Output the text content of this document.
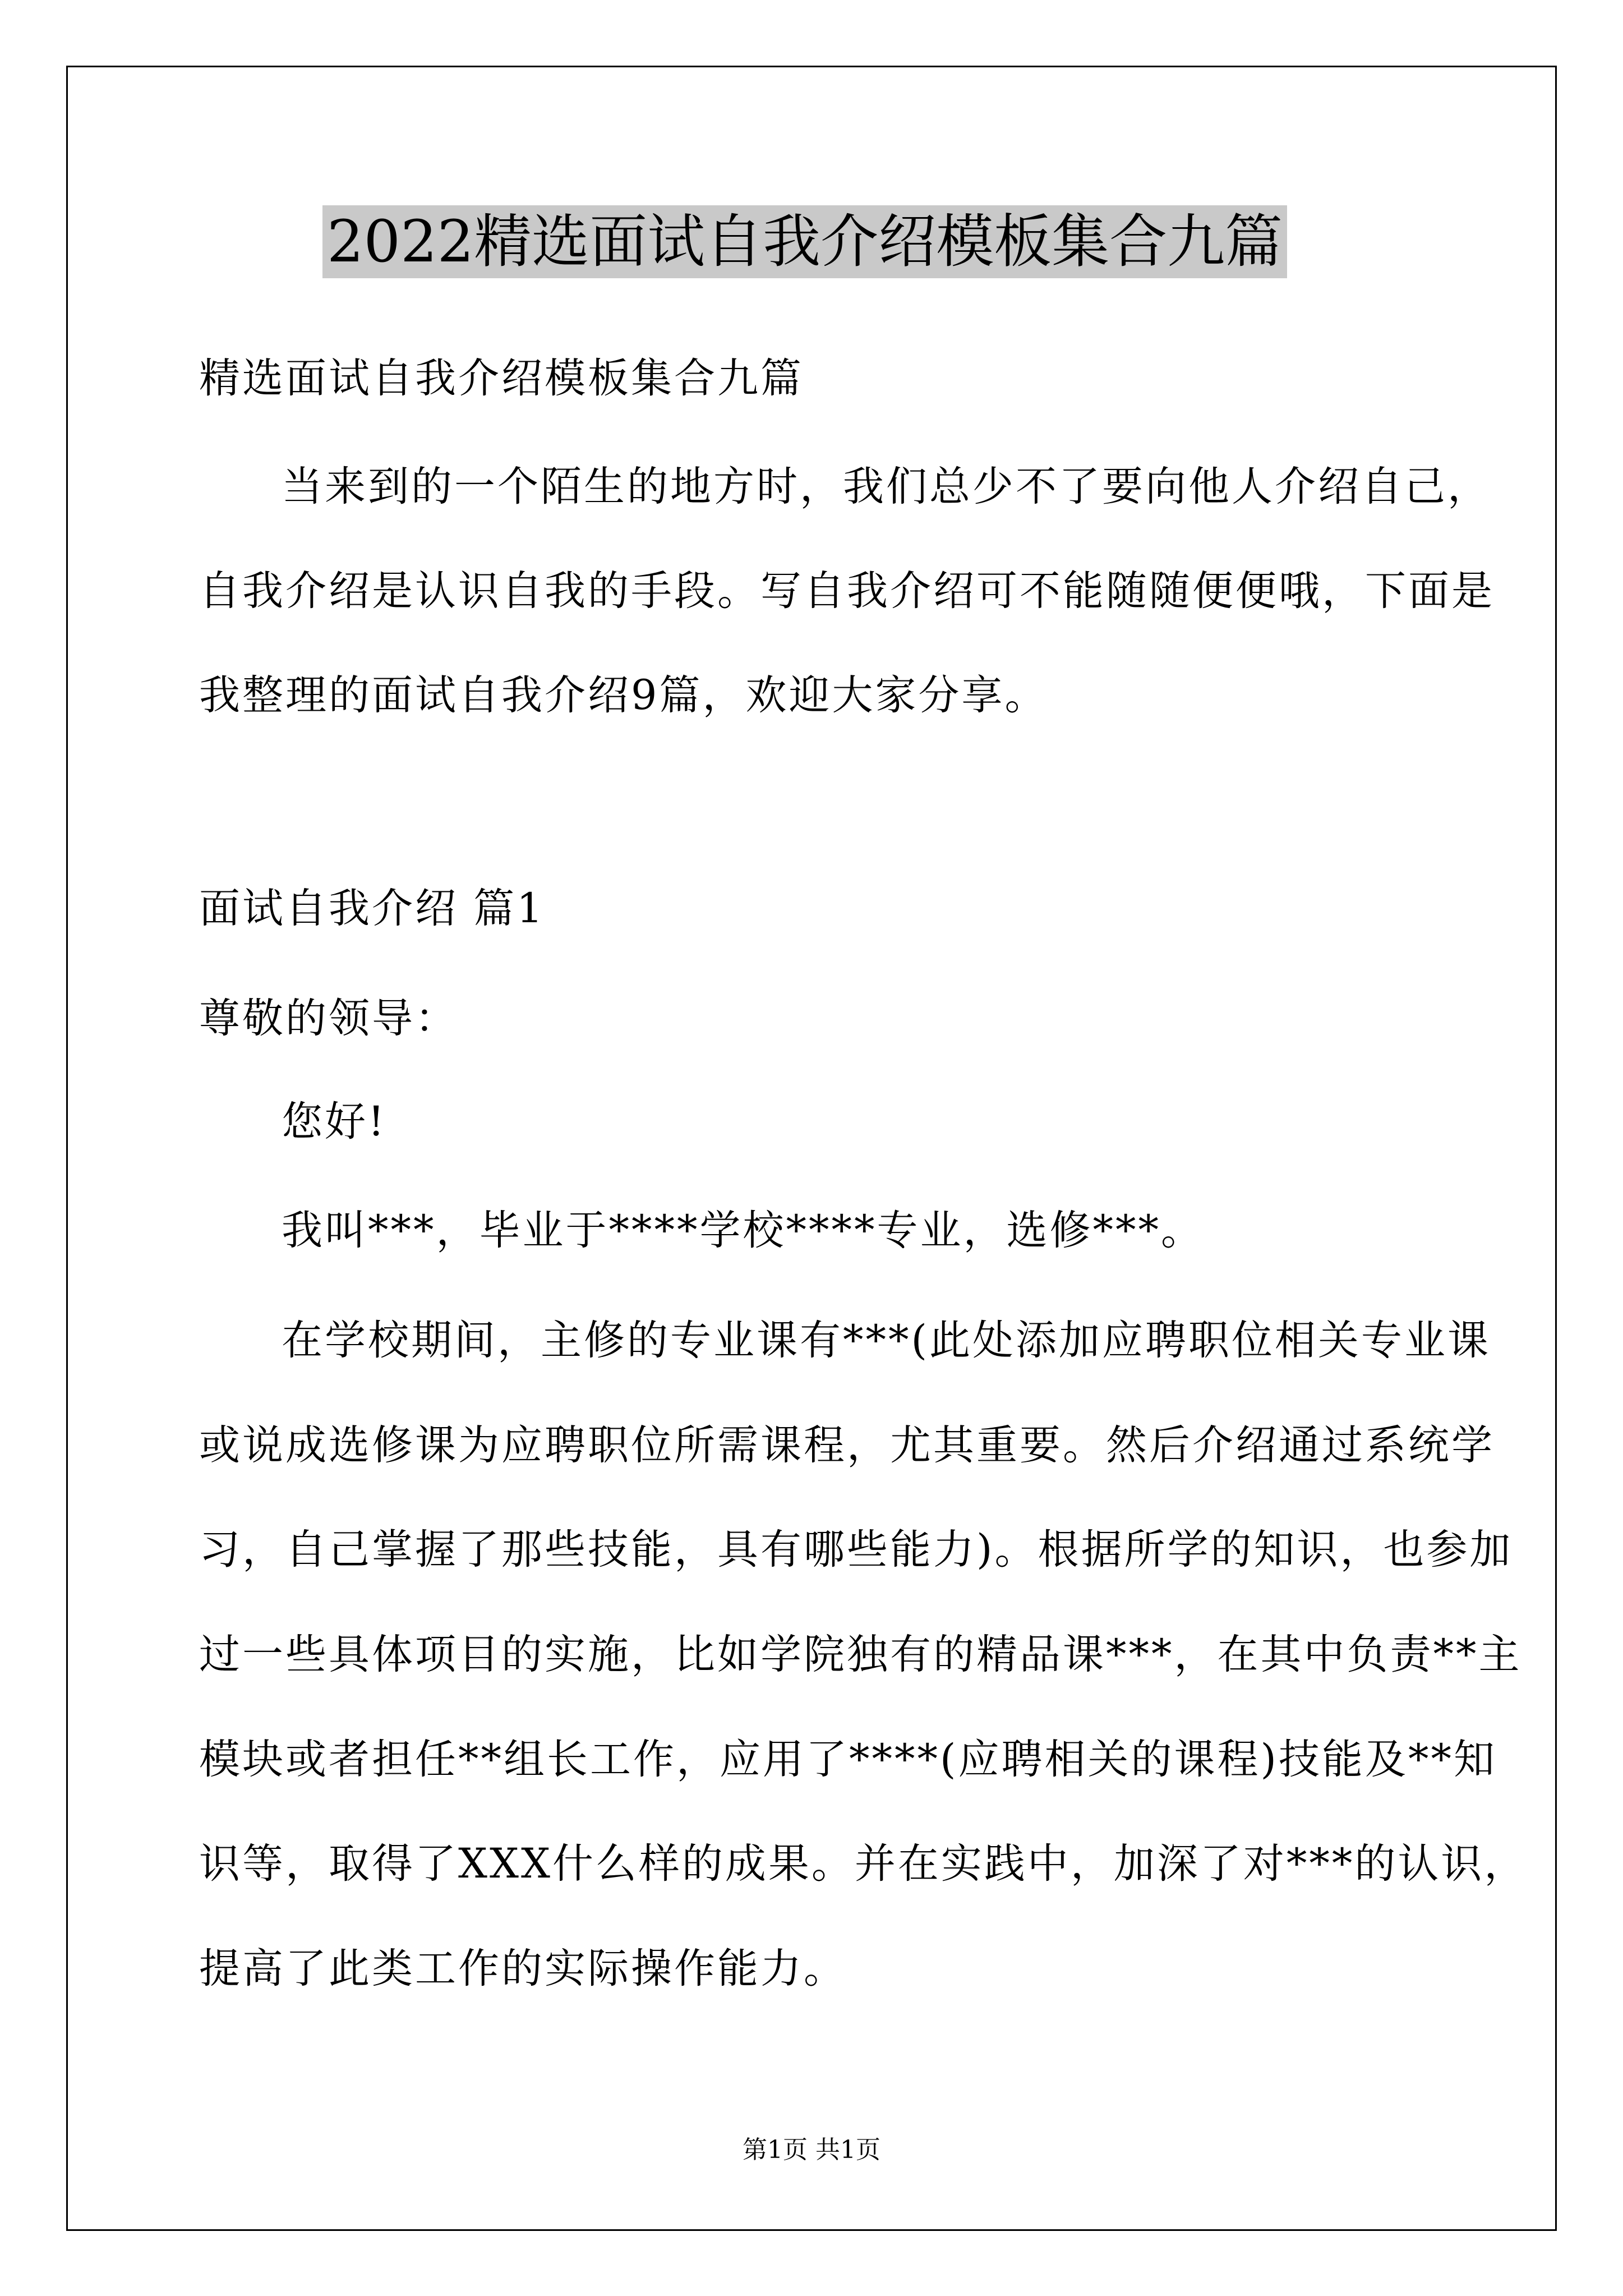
2022精选面试自我介绍模板集合九篇
精选面试自我介绍模板集合九篇
当来到的一个陌生的地方时，我们总少不了要向他人介绍自己，
自我介绍是认识自我的手段。写自我介绍可不能随随便便哦，下面是
我整理的面试自我介绍9篇，欢迎大家分享。
面试自我介绍 篇1
尊敬的领导：
您好!
我叫***，毕业于****学校****专业，选修***。
在学校期间，主修的专业课有***(此处添加应聘职位相关专业课
或说成选修课为应聘职位所需课程，尤其重要。然后介绍通过系统学
习，自己掌握了那些技能，具有哪些能力)。根据所学的知识，也参加
过一些具体项目的实施，比如学院独有的精品课***，在其中负责**主
模块或者担任**组长工作，应用了****(应聘相关的课程)技能及**知
识等，取得了XXX什么样的成果。并在实践中，加深了对***的认识，
提高了此类工作的实际操作能力。
第1页 共1页
